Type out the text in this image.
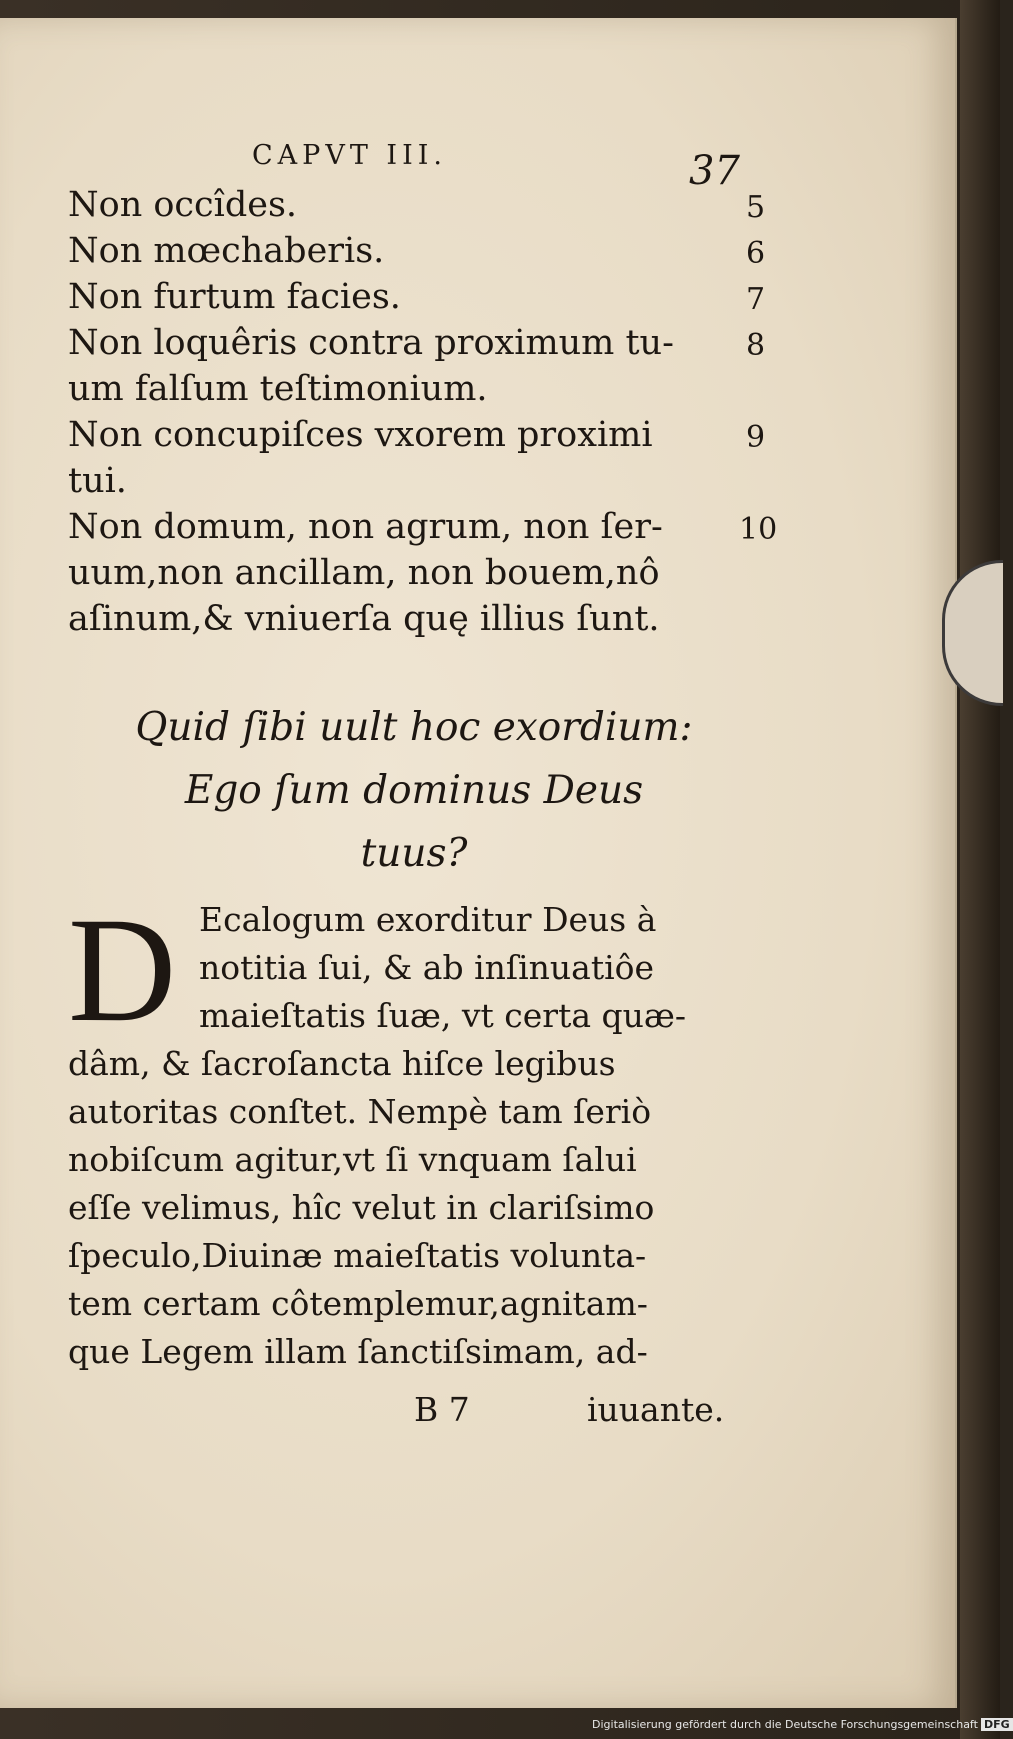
CAPVT III.	37
Non occîdes.	5
Non mœchaberis.	6
Non furtum facies.	7
Non loquêris contra proximum tu- 8
um falſum teſtimonium.
Non concupiſces vxorem proximi	9
tui.
Non domum, non agrum, non ſer-	10
uum,non ancillam, non bouem,nô
aſinum,& vniuerſa quę illius ſunt.
Quid ſibi uult hoc exordium:
Ego ſum dominus Deus
tuus?
D Ecalogum exorditur Deus à
notitia ſui, & ab inſinuatiôe
maieſtatis ſuæ, vt certa quæ-
dâm, & ſacroſancta hiſce legibus
autoritas conſtet. Nempè tam ſeriò
nobiſcum agitur,vt ſi vnquam ſalui
eſſe velimus, hîc velut in clariſsimo
ſpeculo,Diuinæ maieſtatis volunta-
tem certam côtemplemur,agnitam-
que Legem illam ſanctiſsimam, ad-
B 7	iuuante.
Digitalisierung gefördert durch die Deutsche Forschungsgemeinschaft DFG
